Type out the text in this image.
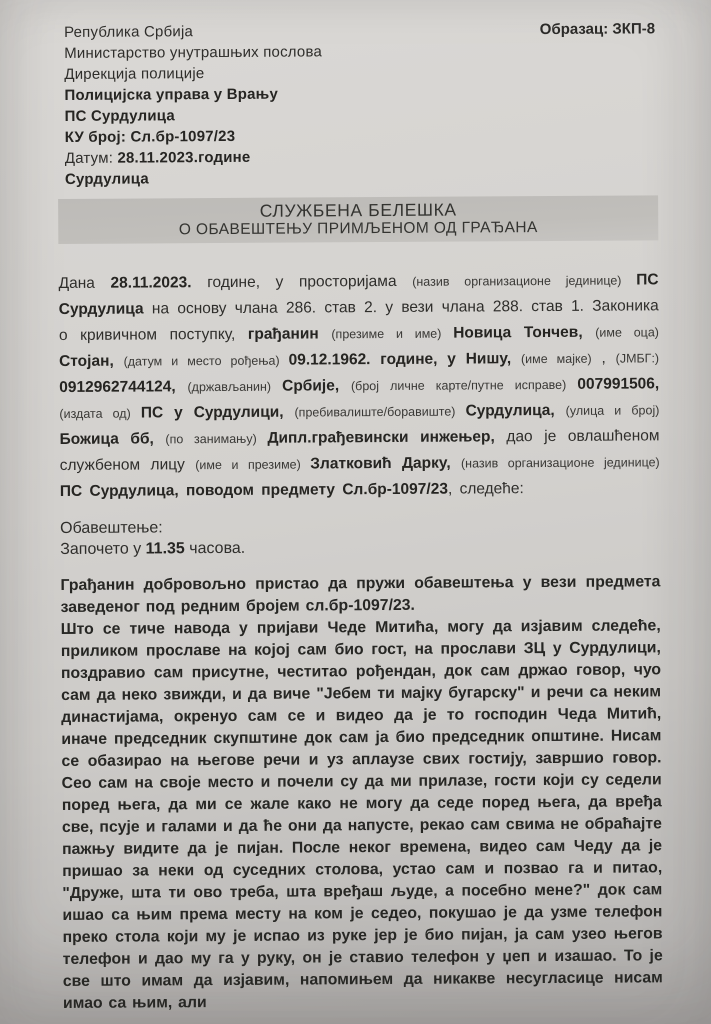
Република Србија
Министарство унутрашњих послова
Дирекција полиције
Полицијска управа у Врању
ПС Сурдулица
КУ број: Сл.бр-1097/23
Датум: 28.11.2023.године
Сурдулица
Образац: ЗКП-8
СЛУЖБЕНА БЕЛЕШКА
О ОБАВЕШТЕЊУ ПРИМЉЕНОМ ОД ГРАЂАНА

Дана 28.11.2023. године, у просторијама (назив организационе јединице) ПС Сурдулица на основу члана 286. став 2. у вези члана 288. став 1. Законика о кривичном поступку, грађанин (презиме и име) Новица Тончев, (име оца) Стојан, (датум и место рођења) 09.12.1962. године, у Нишу, (име мајке) , (ЈМБГ:) 0912962744124, (држављанин) Србије, (број личне карте/путне исправе) 007991506, (издата од) ПС у Сурдулици, (пребивалиште/боравиште) Сурдулица, (улица и број) Божица бб, (по занимању) Дипл.грађевински инжењер, дао је овлашћеном службеном лицу (име и презиме) Златковић Дарку, (назив организационе јединице) ПС Сурдулица, поводом предмету Сл.бр-1097/23, следеће:

Обавештење:
Започето у 11.35 часова.

Грађанин добровољно пристао да пружи обавештења у вези предмета заведеног под редним бројем сл.бр-1097/23.

Што се тиче навода у пријави Чеде Митића, могу да изјавим следеће, приликом прославе на којој сам био гост, на прослави ЗЦ у Сурдулици, поздравио сам присутне, честитао рођендан, док сам држао говор, чуо сам да неко звижди, и да виче "Јебем ти мајку бугарску" и речи са неким династијама, окренуо сам се и видео да је то господин Чеда Митић, иначе председник скупштине док сам ја био председник општине. Нисам се обазирао на његове речи и уз аплаузе свих гостију, завршио говор. Сео сам на своје место и почели су да ми прилазе, гости који су седели поред њега, да ми се жале како не могу да седе поред њега, да вређа све, псује и галами и да ће они да напусте, рекао сам свима не обраћајте пажњу видите да је пијан. После неког времена, видео сам Чеду да је пришао за неки од суседних столова, устао сам и позвао га и питао, "Друже, шта ти ово треба, шта вређаш људе, а посебно мене?" док сам ишао са њим према месту на ком је седео, покушао је да узме телефон преко стола који му је испао из руке јер је био пијан, ја сам узео његов телефон и дао му га у руку, он је ставио телефон у џеп и изашао. То је све што имам да изјавим, напомињем да никакве несугласице нисам имао са њим, али
